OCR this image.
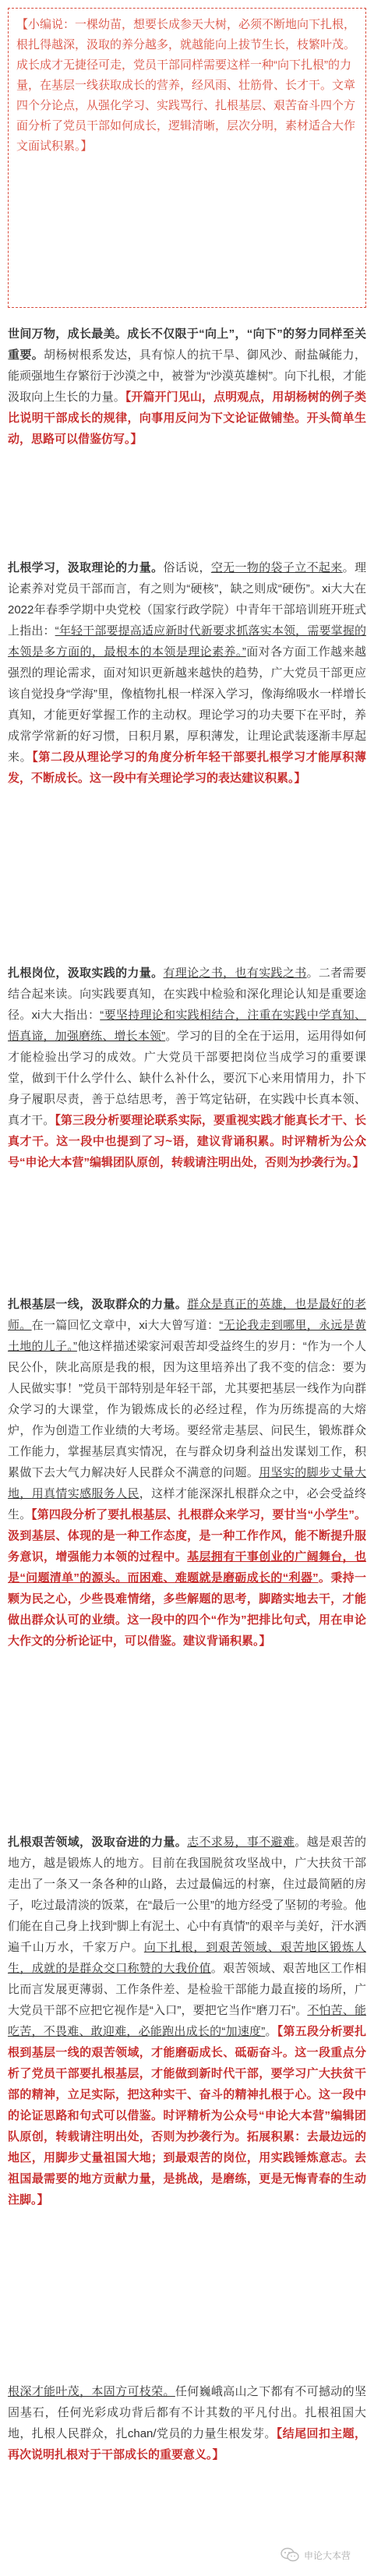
【小编说：一棵幼苗，想要长成参天大树，必须不断地向下扎根，根扎得越深，汲取的养分越多，就越能向上拔节生长，枝繁叶茂。成长成才无捷径可走，党员干部同样需要这样一种“向下扎根”的力量，在基层一线获取成长的营养，经风雨、壮筋骨、长才干。文章四个分论点，从强化学习、实践骂行、扎根基层、艰苦奋斗四个方面分析了党员干部如何成长，逻辑清晰，层次分明，素材适合大作文面试积累。】

世间万物，成长最美。成长不仅限于“向上”，“向下”的努力同样至关重要。胡杨树根系发达，具有惊人的抗干旱、御风沙、耐盐碱能力，能顽强地生存繁衍于沙漠之中，被誉为“沙漠英雄树”。向下扎根，才能汲取向上生长的力量。【开篇开门见山，点明观点，用胡杨树的例子类比说明干部成长的规律，向事用反问为下文论证做铺垫。开头简单生动，思路可以借鉴仿写。】

扎根学习，汲取理论的力量。俗话说，空无一物的袋子立不起来。理论素养对党员干部而言，有之则为“硬核”，缺之则成“硬伤”。xi大大在2022年春季学期中央党校（国家行政学院）中青年干部培训班开班式上指出：“年轻干部要提高适应新时代新要求抓落实本领，需要掌握的本领是多方面的，最根本的本领是理论素养。”面对各方面工作越来越强烈的理论需求，面对知识更新越来越快的趋势，广大党员干部更应该自觉投身“学海”里，像植物扎根一样深入学习，像海绵吸水一样增长真知，才能更好掌握工作的主动权。理论学习的功夫要下在平时，养成常学常新的好习惯，日积月累，厚积薄发，让理论武装逐渐丰厚起来。【第二段从理论学习的角度分析年轻干部要扎根学习才能厚积薄发，不断成长。这一段中有关理论学习的表达建议积累。】

扎根岗位，汲取实践的力量。有理论之书，也有实践之书。二者需要结合起来读。向实践要真知，在实践中检验和深化理论认知是重要途径。xi大大指出：“要坚持理论和实践相结合，注重在实践中学真知、悟真谛，加强磨练、增长本领”。学习的目的全在于运用，运用得如何才能检验出学习的成效。广大党员干部要把岗位当成学习的重要课堂，做到干什么学什么、缺什么补什么，要沉下心来用情用力，扑下身子履职尽责，善于总结思考，善于笃定钻研，在实践中长真本领、真才干。【第三段分析要理论联系实际，要重视实践才能真长才干、长真才干。这一段中也提到了习~语，建议背诵积累。时评精析为公众号“申论大本营”编辑团队原创，转载请注明出处，否则为抄袭行为。】

扎根基层一线，汲取群众的力量。群众是真正的英雄，也是最好的老师。在一篇回忆文章中，xi大大曾写道：“无论我走到哪里，永远是黄土地的儿子。”他这样描述梁家河艰苦却受益终生的岁月：“作为一个人民公仆，陕北高原是我的根，因为这里培养出了我不变的信念：要为人民做实事！”党员干部特别是年轻干部，尤其要把基层一线作为向群众学习的大课堂，作为锻炼成长的必经过程，作为历练提高的大熔炉，作为创造工作业绩的大考场。要经常走基层、问民生，锻炼群众工作能力，掌握基层真实情况，在与群众切身利益出发谋划工作，积累做下去大气力解决好人民群众不满意的问题。用坚实的脚步丈量大地，用真情实感服务人民，这样才能深深扎根群众之中，必会受益终生。【第四段分析了要扎根基层、扎根群众来学习，要甘当“小学生”。汲到基层、体现的是一种工作态度，是一种工作作风，能不断提升服务意识，增强能力本领的过程中。基层拥有干事创业的广阔舞台，也是“问题清单”的源头。而困难、难题就是磨砺成长的“利器”。秉持一颗为民之心，少些畏难情绪，多些解题的思考，脚踏实地去干，才能做出群众认可的业绩。这一段中的四个“作为”把排比句式，用在申论大作文的分析论证中，可以借鉴。建议背诵积累。】

扎根艰苦领域，汲取奋进的力量。志不求易，事不避难。越是艰苦的地方，越是锻炼人的地方。目前在我国脱贫攻坚战中，广大扶贫干部走出了一条又一条各种的山路，去过最偏远的村寨，住过最简陋的房子，吃过最清淡的饭菜，在“最后一公里”的地方经受了坚韧的考验。他们能在自己身上找到“脚上有泥土、心中有真情”的艰辛与美好，汗水洒遍千山万水，千家万户。向下扎根，到艰苦领域、艰苦地区锻炼人生，成就的是群众交口称赞的大我价值。艰苦领域、艰苦地区工作相比而言发展更薄弱、工作条件差、是检验干部能力最直接的场所，广大党员干部不应把它视作是“入口”，要把它当作“磨刀石”。不怕苦、能吃苦，不畏难、敢迎难，必能跑出成长的“加速度”。【第五段分析要扎根到基层一线的艰苦领域，才能磨砺成长、砥砺奋斗。这一段重点分析了党员干部要扎根基层，才能做到新时代干部，要学习广大扶贫干部的精神，立足实际，把这种实干、奋斗的精神扎根于心。这一段中的论证思路和句式可以借鉴。时评精析为公众号“申论大本营”编辑团队原创，转载请注明出处，否则为抄袭行为。拓展积累：去最边远的地区，用脚步丈量祖国大地；到最艰苦的岗位，用实践锤炼意志。去祖国最需要的地方贡献力量，是挑战，是磨练，更是无悔青春的生动注脚。】

根深才能叶茂，本固方可枝荣。任何巍峨高山之下都有不可撼动的坚固基石，任何光彩成功背后都有不计其数的平凡付出。扎根祖国大地，扎根人民群众，扎chan/党员的力量生根发芽。【结尾回扣主题，再次说明扎根对于干部成长的重要意义。】

申论大本营
